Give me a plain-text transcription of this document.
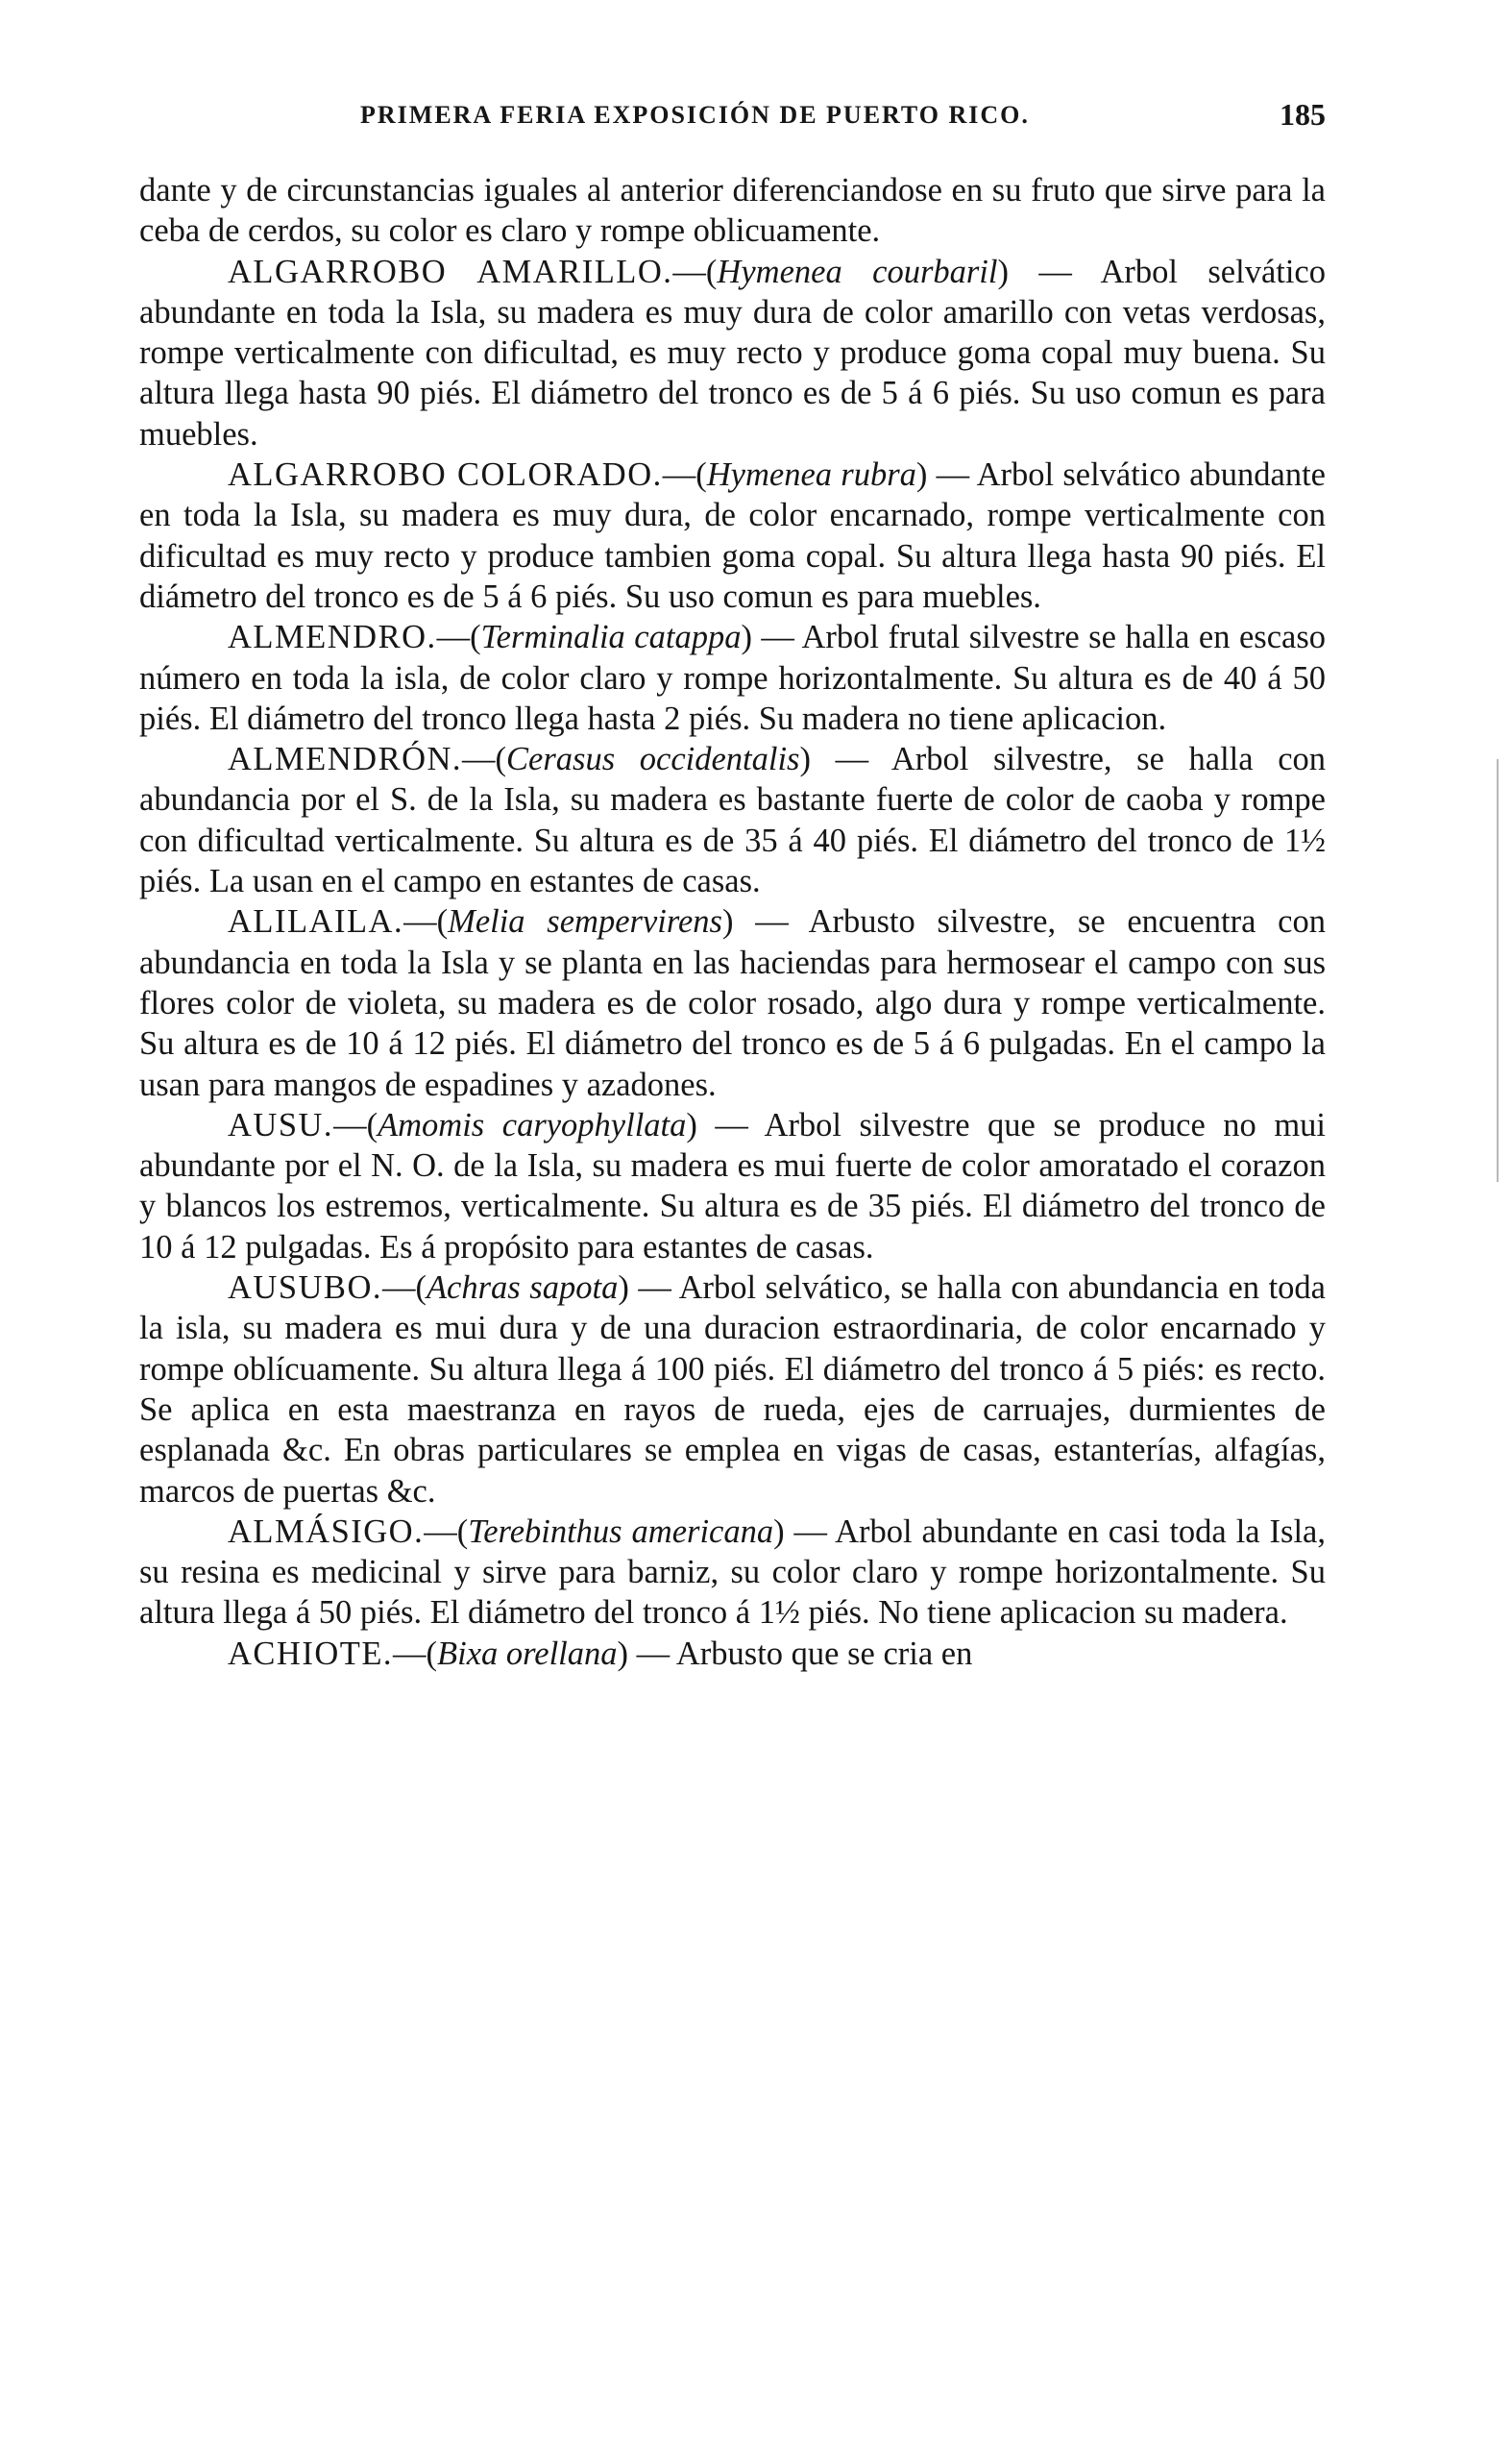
PRIMERA FERIA EXPOSICIÓN DE PUERTO RICO.	185

dante y de circunstancias iguales al anterior diferenciandose en su fruto que sirve para la ceba de cerdos, su color es claro y rompe oblicuamente.

ALGARROBO AMARILLO.—(Hymenea courbaril) — Arbol selvático abundante en toda la Isla, su madera es muy dura de color amarillo con vetas verdosas, rompe verticalmente con dificultad, es muy recto y produce goma copal muy buena. Su altura llega hasta 90 piés. El diámetro del tronco es de 5 á 6 piés. Su uso comun es para muebles.

ALGARROBO COLORADO.—(Hymenea rubra) — Arbol selvático abundante en toda la Isla, su madera es muy dura, de color encarnado, rompe verticalmente con dificultad es muy recto y produce tambien goma copal. Su altura llega hasta 90 piés. El diámetro del tronco es de 5 á 6 piés. Su uso comun es para muebles.

ALMENDRO.—(Terminalia catappa) — Arbol frutal silvestre se halla en escaso número en toda la isla, de color claro y rompe horizontalmente. Su altura es de 40 á 50 piés. El diámetro del tronco llega hasta 2 piés. Su madera no tiene aplicacion.

ALMENDRÓN.—(Cerasus occidentalis) — Arbol silvestre, se halla con abundancia por el S. de la Isla, su madera es bastante fuerte de color de caoba y rompe con dificultad verticalmente. Su altura es de 35 á 40 piés. El diámetro del tronco de 1½ piés. La usan en el campo en estantes de casas.

ALILAILA.—(Melia sempervirens) — Arbusto silvestre, se encuentra con abundancia en toda la Isla y se planta en las haciendas para hermosear el campo con sus flores color de violeta, su madera es de color rosado, algo dura y rompe verticalmente. Su altura es de 10 á 12 piés. El diámetro del tronco es de 5 á 6 pulgadas. En el campo la usan para mangos de espadines y azadones.

AUSU.—(Amomis caryophyllata) — Arbol silvestre que se produce no mui abundante por el N. O. de la Isla, su madera es mui fuerte de color amoratado el corazon y blancos los estremos, verticalmente. Su altura es de 35 piés. El diámetro del tronco de 10 á 12 pulgadas. Es á propósito para estantes de casas.

AUSUBO.—(Achras sapota) — Arbol selvático, se halla con abundancia en toda la isla, su madera es mui dura y de una duracion estraordinaria, de color encarnado y rompe oblícuamente. Su altura llega á 100 piés. El diámetro del tronco á 5 piés: es recto. Se aplica en esta maestranza en rayos de rueda, ejes de carruajes, durmientes de esplanada &c. En obras particulares se emplea en vigas de casas, estanterías, alfagías, marcos de puertas &c.

ALMÁSIGO.—(Terebinthus americana) — Arbol abundante en casi toda la Isla, su resina es medicinal y sirve para barniz, su color claro y rompe horizontalmente. Su altura llega á 50 piés. El diámetro del tronco á 1½ piés. No tiene aplicacion su madera.

ACHIOTE.—(Bixa orellana) — Arbusto que se cria en
